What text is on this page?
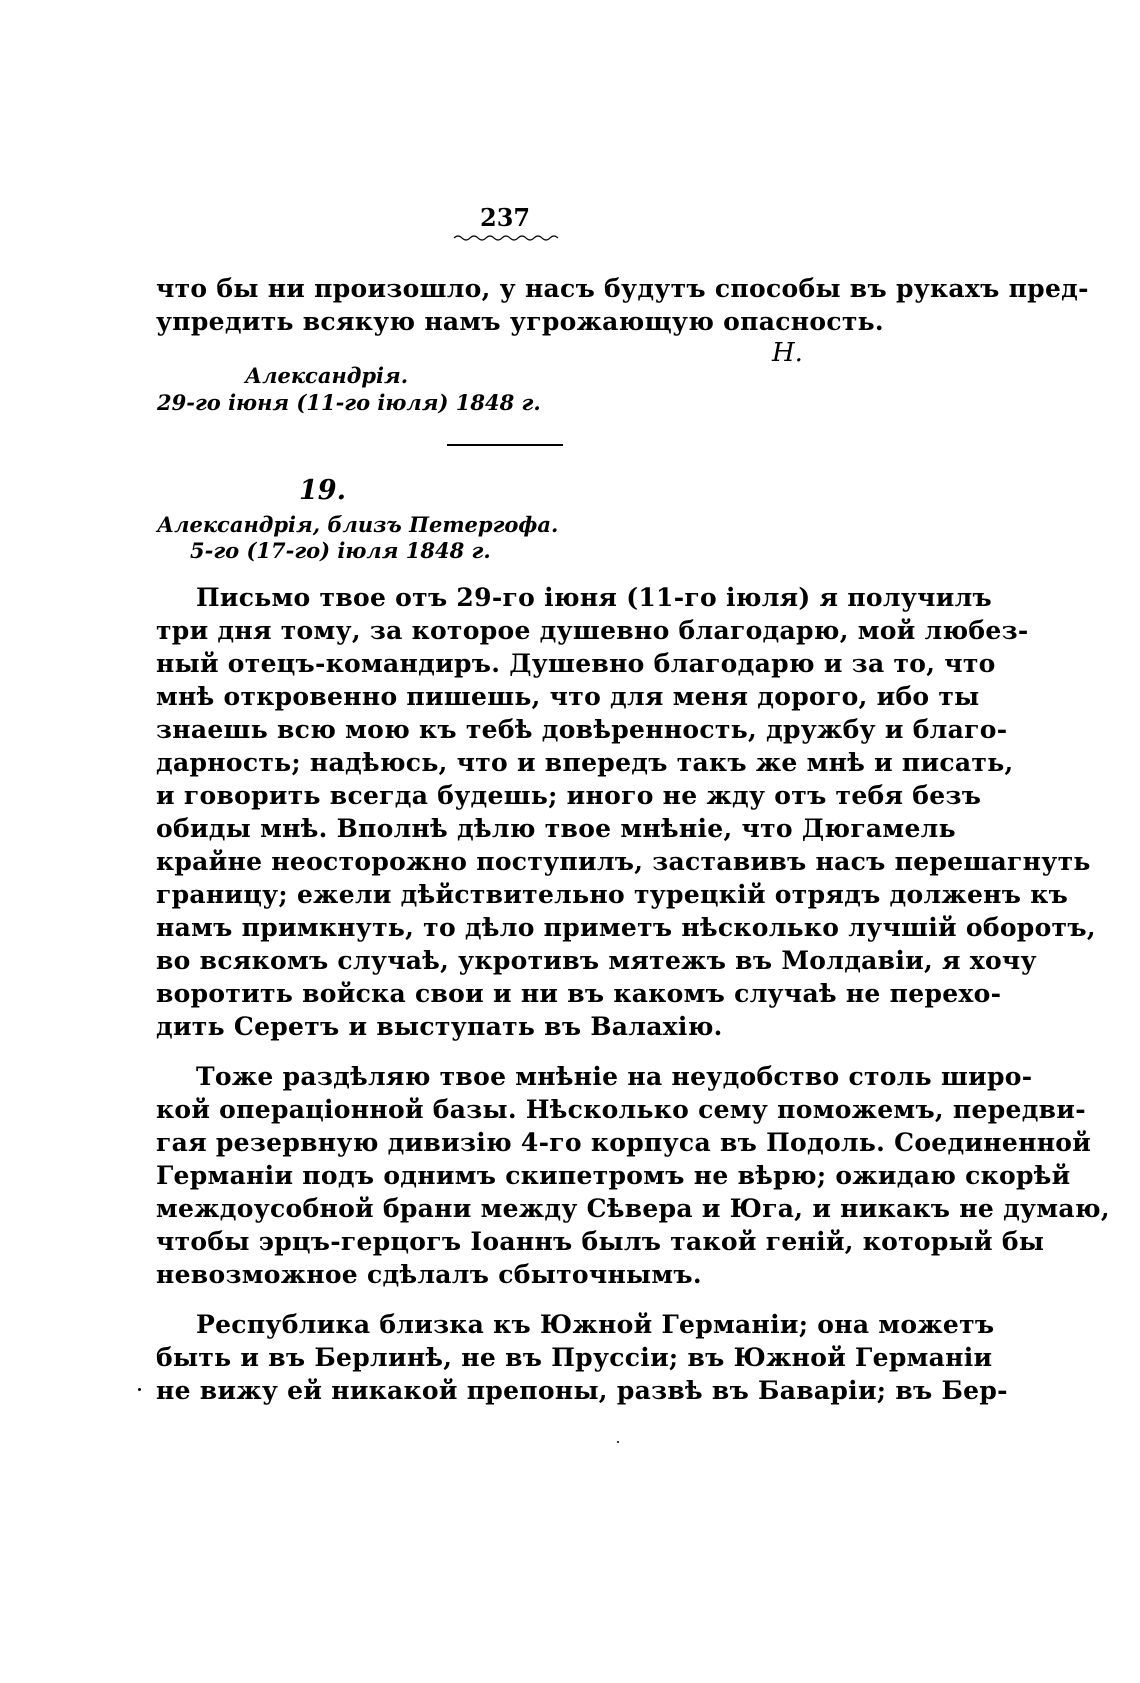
237
что бы ни произошло, у насъ будутъ способы въ рукахъ пред-
упредить всякую намъ угрожающую опасность.
Н.
Александрія.
29-го іюня (11-го іюля) 1848 г.
19.
Александрія, близъ Петергофа.
5-го (17-го) іюля 1848 г.
Письмо твое отъ 29-го іюня (11-го іюля) я получилъ
три дня тому, за которое душевно благодарю, мой любез-
ный отецъ-командиръ. Душевно благодарю и за то, что
мнѣ откровенно пишешь, что для меня дорого, ибо ты
знаешь всю мою къ тебѣ довѣренность, дружбу и благо-
дарность; надѣюсь, что и впередъ такъ же мнѣ и писать,
и говорить всегда будешь; иного не жду отъ тебя безъ
обиды мнѣ. Вполнѣ дѣлю твое мнѣніе, что Дюгамель
крайне неосторожно поступилъ, заставивъ насъ перешагнуть
границу; ежели дѣйствительно турецкій отрядъ долженъ къ
намъ примкнуть, то дѣло приметъ нѣсколько лучшій оборотъ,
во всякомъ случаѣ, укротивъ мятежъ въ Молдавіи, я хочу
воротить войска свои и ни въ какомъ случаѣ не перехо-
дить Серетъ и выступать въ Валахію.
Тоже раздѣляю твое мнѣніе на неудобство столь широ-
кой операціонной базы. Нѣсколько сему поможемъ, передви-
гая резервную дивизію 4-го корпуса въ Подоль. Соединенной
Германіи подъ однимъ скипетромъ не вѣрю; ожидаю скорѣй
междоусобной брани между Сѣвера и Юга, и никакъ не думаю,
чтобы эрцъ-герцогъ Іоаннъ былъ такой геній, который бы
невозможное сдѣлалъ сбыточнымъ.
Республика близка къ Южной Германіи; она можетъ
быть и въ Берлинѣ, не въ Пруссіи; въ Южной Германіи
не вижу ей никакой препоны, развѣ въ Баваріи; въ Бер-
